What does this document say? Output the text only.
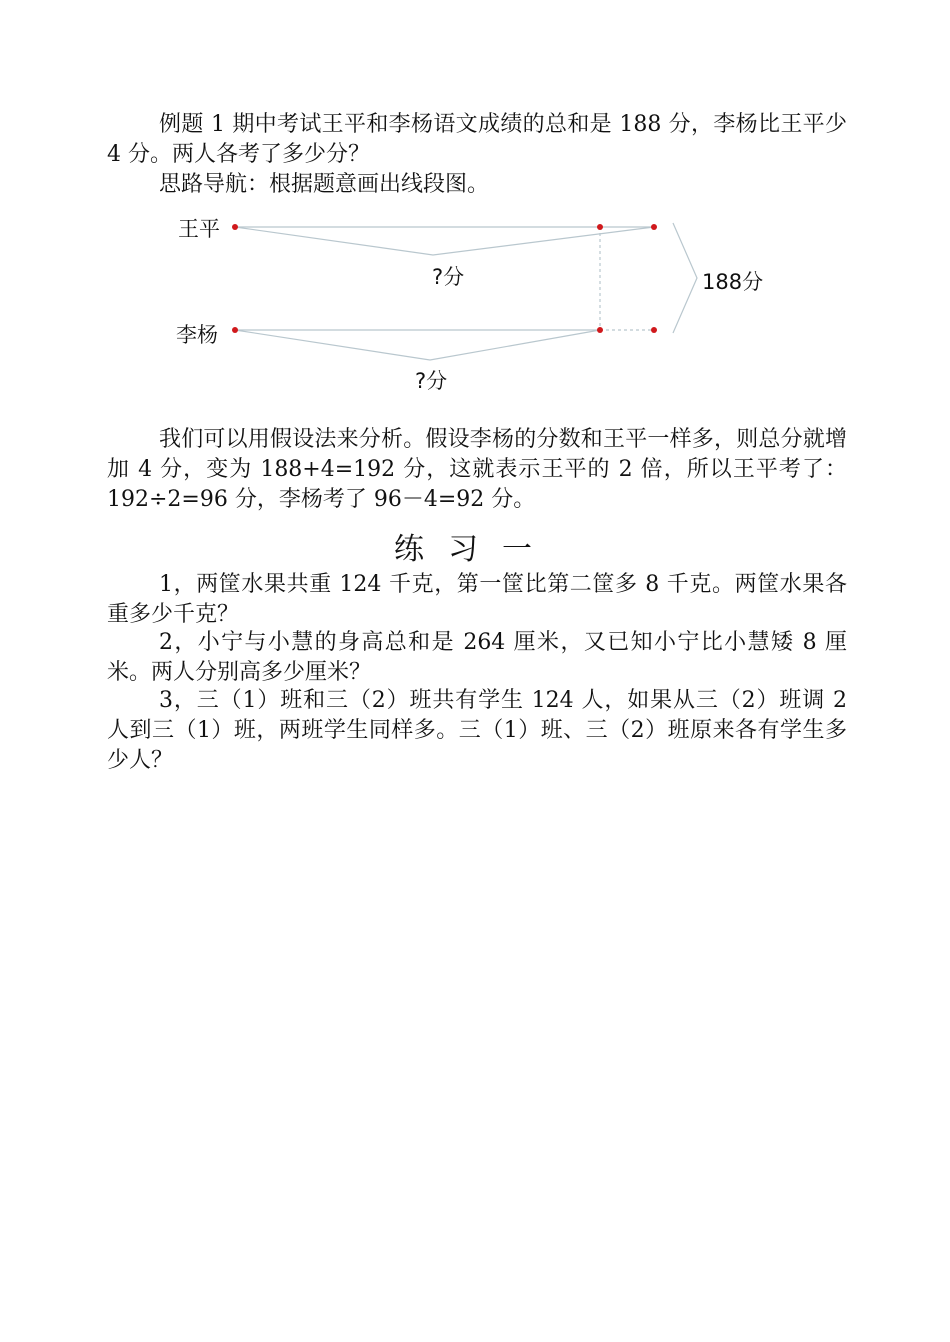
例题 1 期中考试王平和李杨语文成绩的总和是 188 分，李杨比王平少 4 分。两人各考了多少分？

思路导航：根据题意画出线段图。

王平
李杨
?分
?分
188分

我们可以用假设法来分析。假设李杨的分数和王平一样多，则总分就增加 4 分，变为 188+4=192 分，这就表示王平的 2 倍，所以王平考了：192÷2=96 分，李杨考了 96－4=92 分。

练习一

1，两筐水果共重 124 千克，第一筐比第二筐多 8 千克。两筐水果各重多少千克？

2，小宁与小慧的身高总和是 264 厘米，又已知小宁比小慧矮 8 厘米。两人分别高多少厘米？

3，三（1）班和三（2）班共有学生 124 人，如果从三（2）班调 2 人到三（1）班，两班学生同样多。三（1）班、三（2）班原来各有学生多少人？
